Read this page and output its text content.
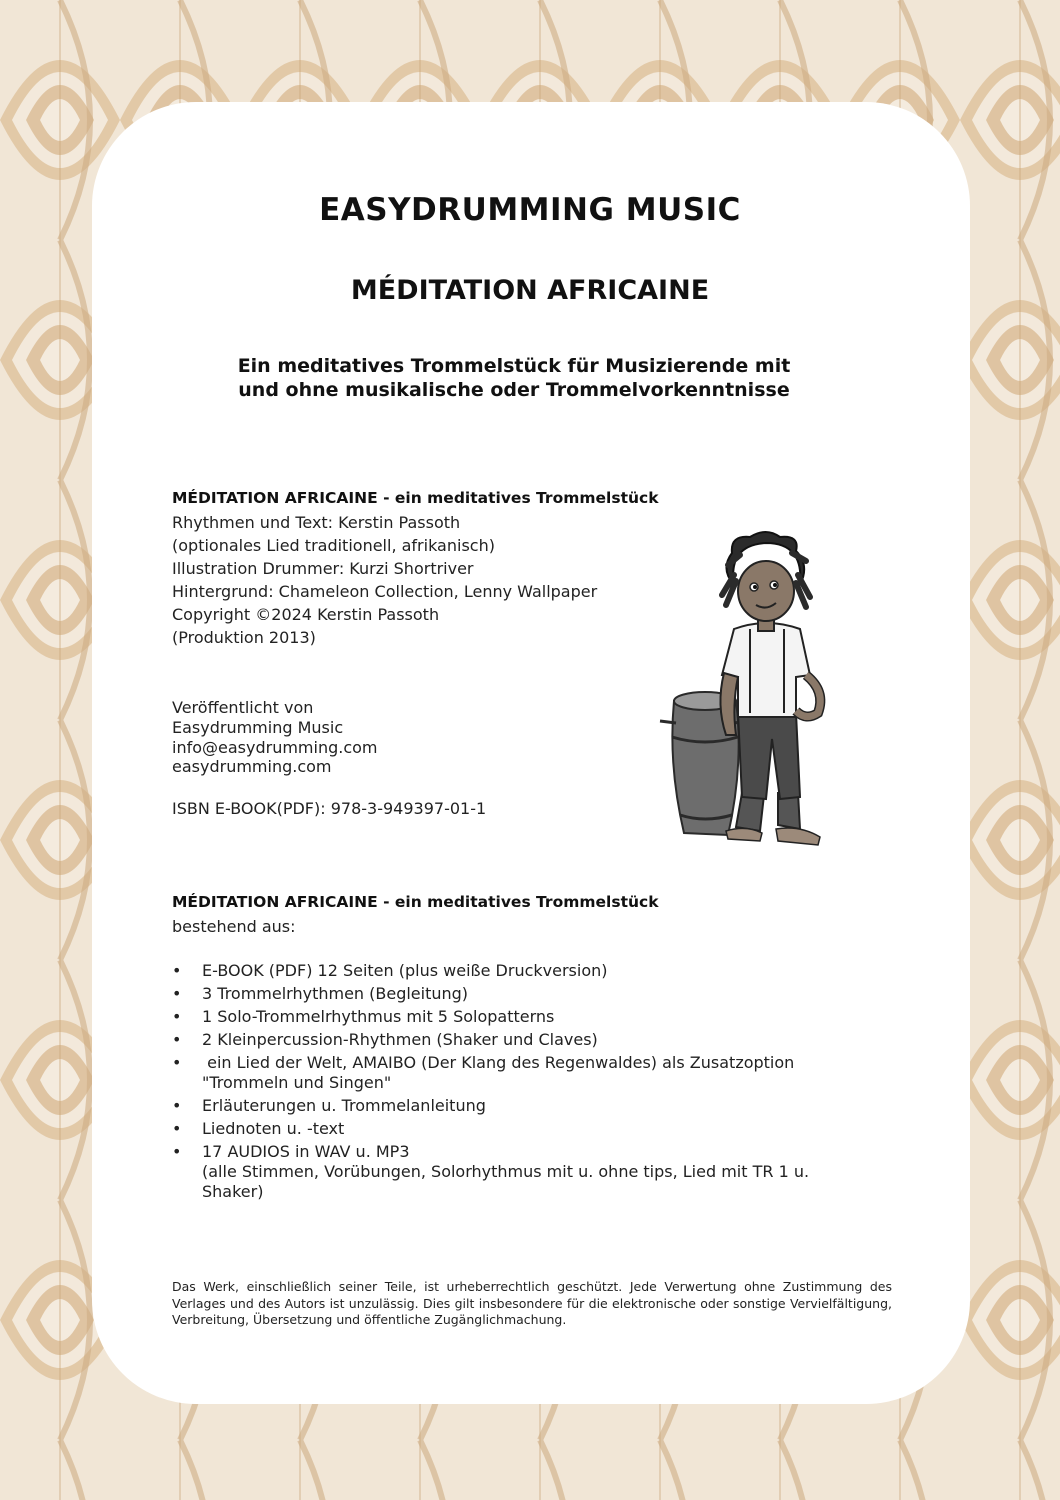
EASYDRUMMING MUSIC
MÉDITATION AFRICAINE

Ein meditatives Trommelstück für Musizierende mit
und ohne musikalische oder Trommelvorkenntnisse

MÉDITATION AFRICAINE - ein meditatives Trommelstück
Rhythmen und Text: Kerstin Passoth
(optionales Lied traditionell, afrikanisch)
Illustration Drummer: Kurzi Shortriver
Hintergrund: Chameleon Collection, Lenny Wallpaper
Copyright ©2024 Kerstin Passoth
(Produktion 2013)
Veröffentlicht von
Easydrumming Music
info@easydrumming.com
easydrumming.com
ISBN E-BOOK(PDF): 978-3-949397-01-1
MÉDITATION AFRICAINE - ein meditatives Trommelstück
bestehend aus:
• E-BOOK (PDF) 12 Seiten (plus weiße Druckversion)
• 3 Trommelrhythmen (Begleitung)
• 1 Solo-Trommelrhythmus mit 5 Solopatterns
• 2 Kleinpercussion-Rhythmen (Shaker und Claves)
• ein Lied der Welt, AMAIBO (Der Klang des Regenwaldes) als Zusatzoption "Trommeln und Singen"
• Erläuterungen u. Trommelanleitung
• Liednoten u. -text
• 17 AUDIOS in WAV u. MP3
(alle Stimmen, Vorübungen, Solorhythmus mit u. ohne tips, Lied mit TR 1 u. Shaker)

Das Werk, einschließlich seiner Teile, ist urheberrechtlich geschützt. Jede Verwertung ohne Zustimmung des Verlages und des Autors ist unzulässig. Dies gilt insbesondere für die elektronische oder sonstige Vervielfältigung, Verbreitung, Übersetzung und öffentliche Zugänglichmachung.
